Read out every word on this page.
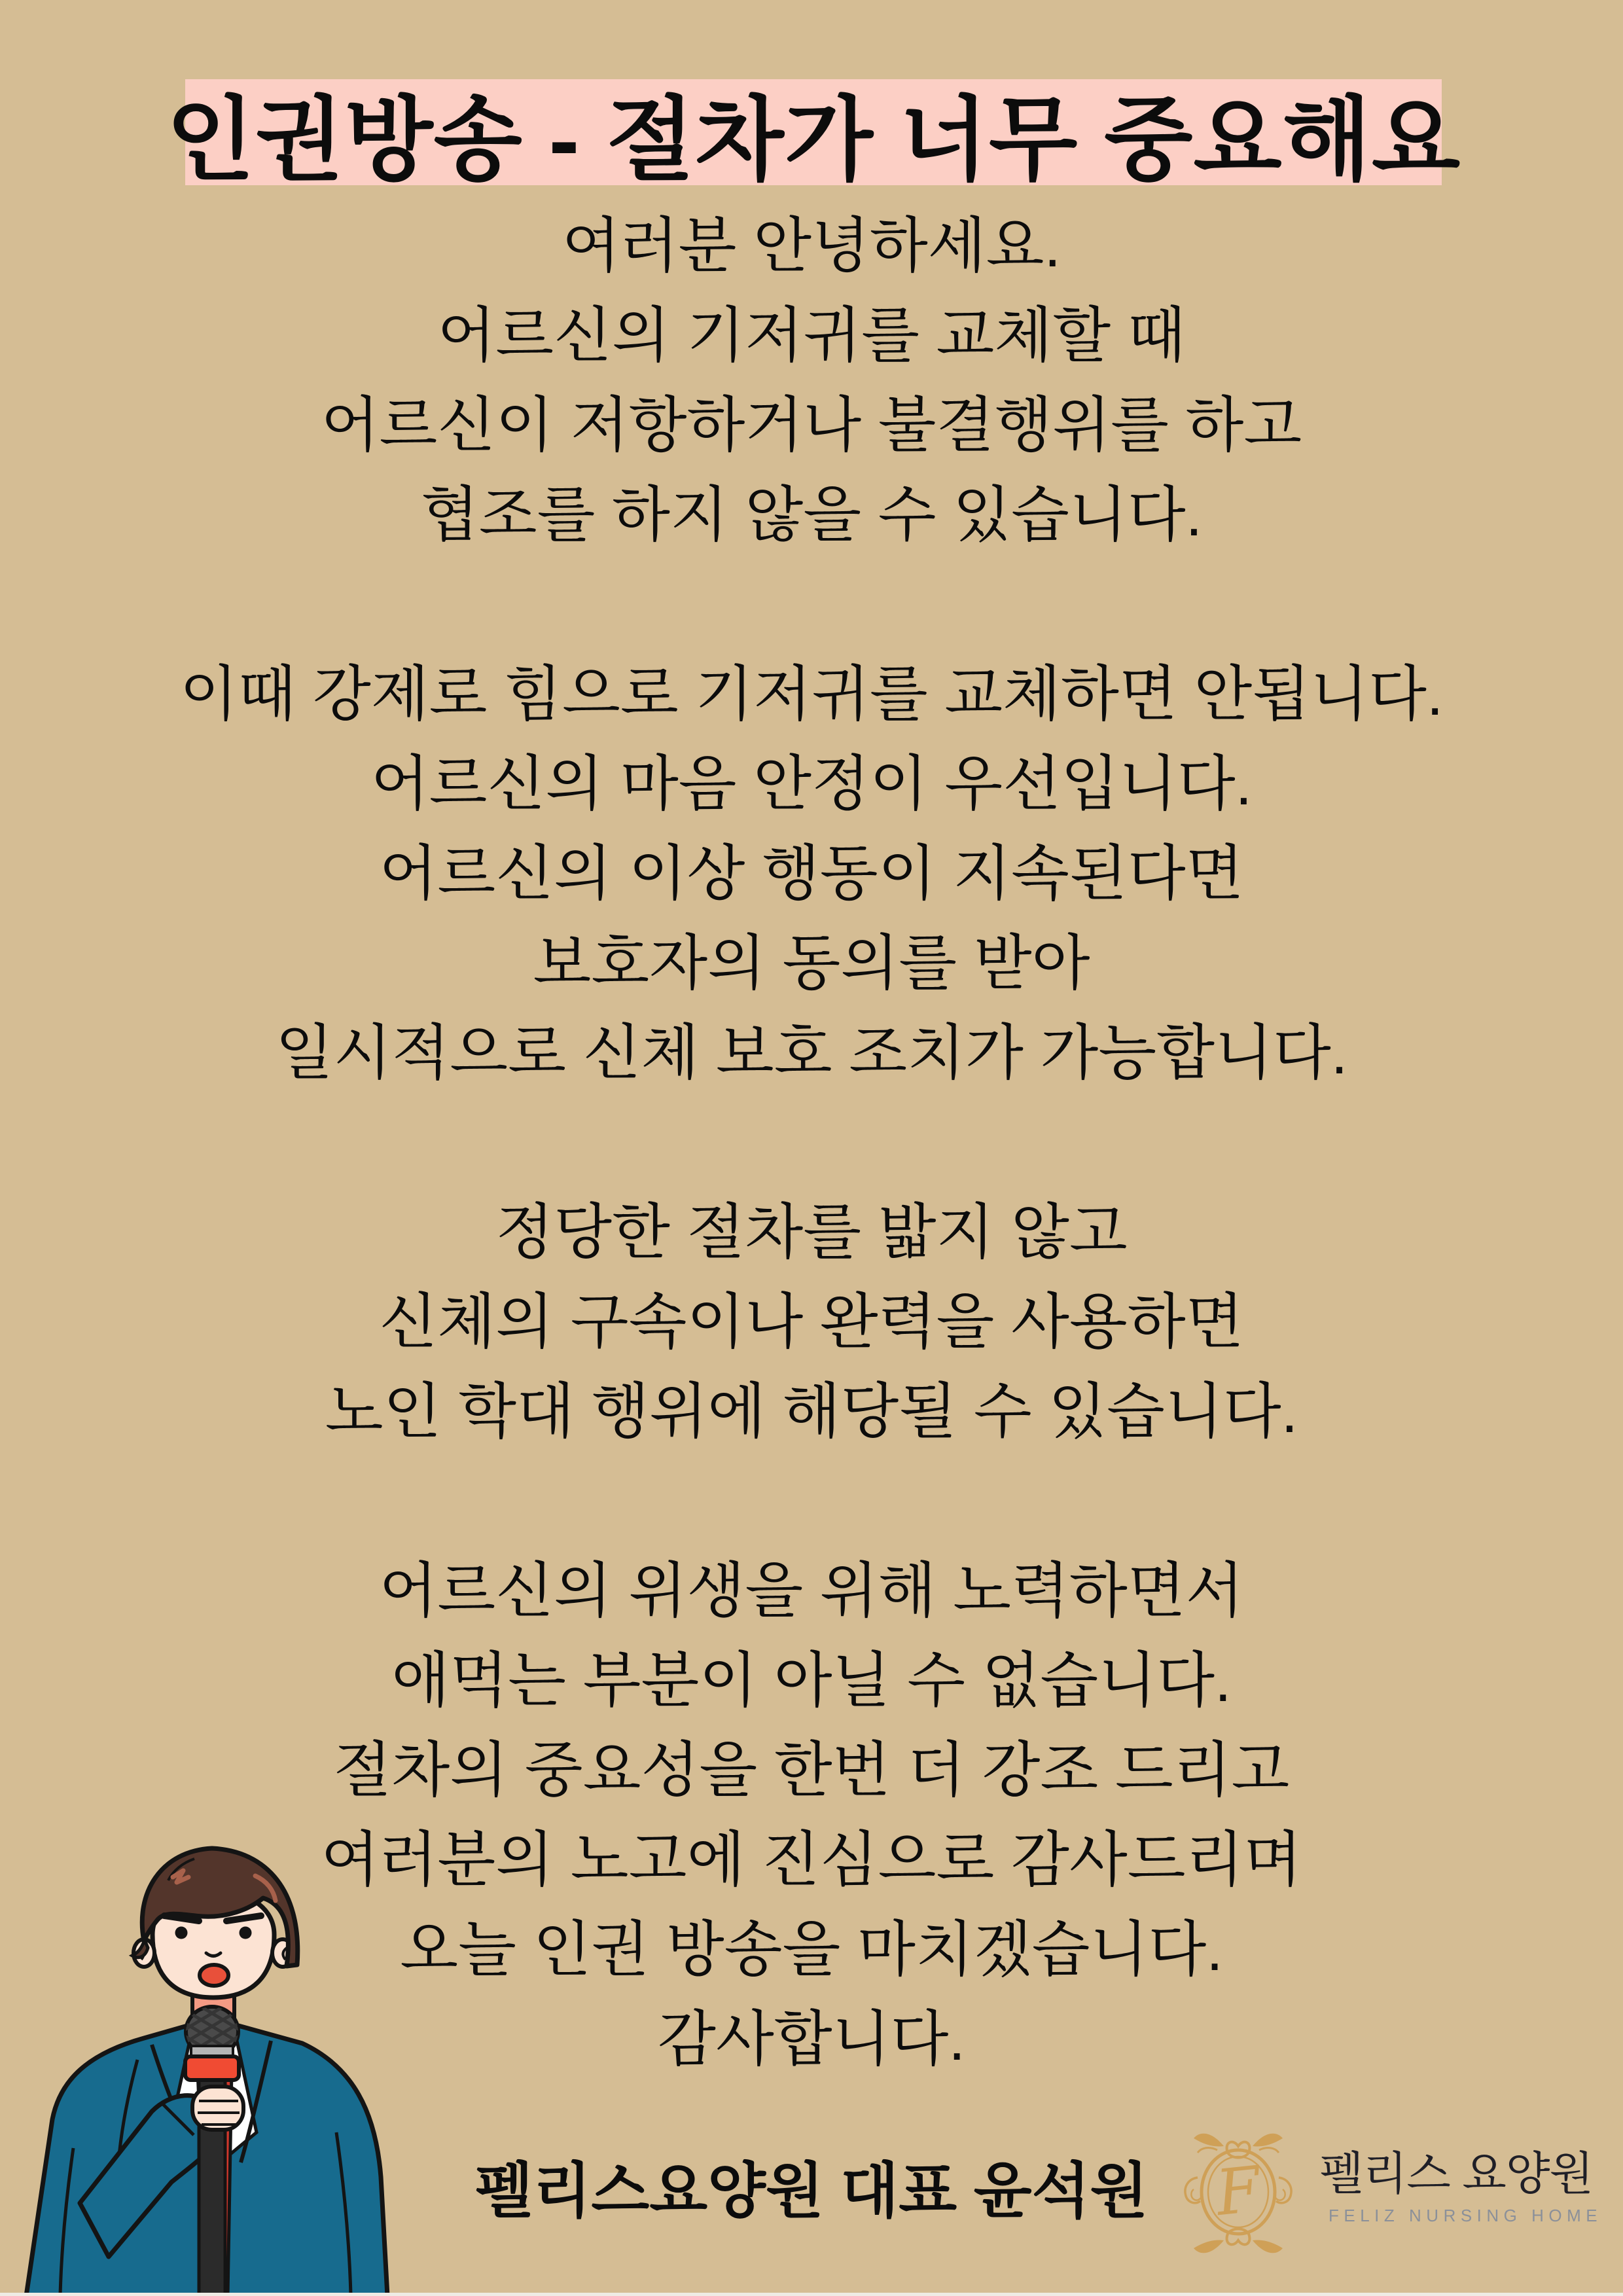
인권방송 - 절차가 너무 중요해요
여러분 안녕하세요.
어르신의 기저귀를 교체할 때
어르신이 저항하거나 불결행위를 하고
협조를 하지 않을 수 있습니다.
이때 강제로 힘으로 기저귀를 교체하면 안됩니다.
어르신의 마음 안정이 우선입니다.
어르신의 이상 행동이 지속된다면
보호자의 동의를 받아
일시적으로 신체 보호 조치가 가능합니다.
정당한 절차를 밟지 않고
신체의 구속이나 완력을 사용하면
노인 학대 행위에 해당될 수 있습니다.
어르신의 위생을 위해 노력하면서
애먹는 부분이 아닐 수 없습니다.
절차의 중요성을 한번 더 강조 드리고
여러분의 노고에 진심으로 감사드리며
오늘 인권 방송을 마치겠습니다.
감사합니다.
펠리스요양원 대표 윤석원	F 펠리스 요양원
FELIZ NURSING HOME
